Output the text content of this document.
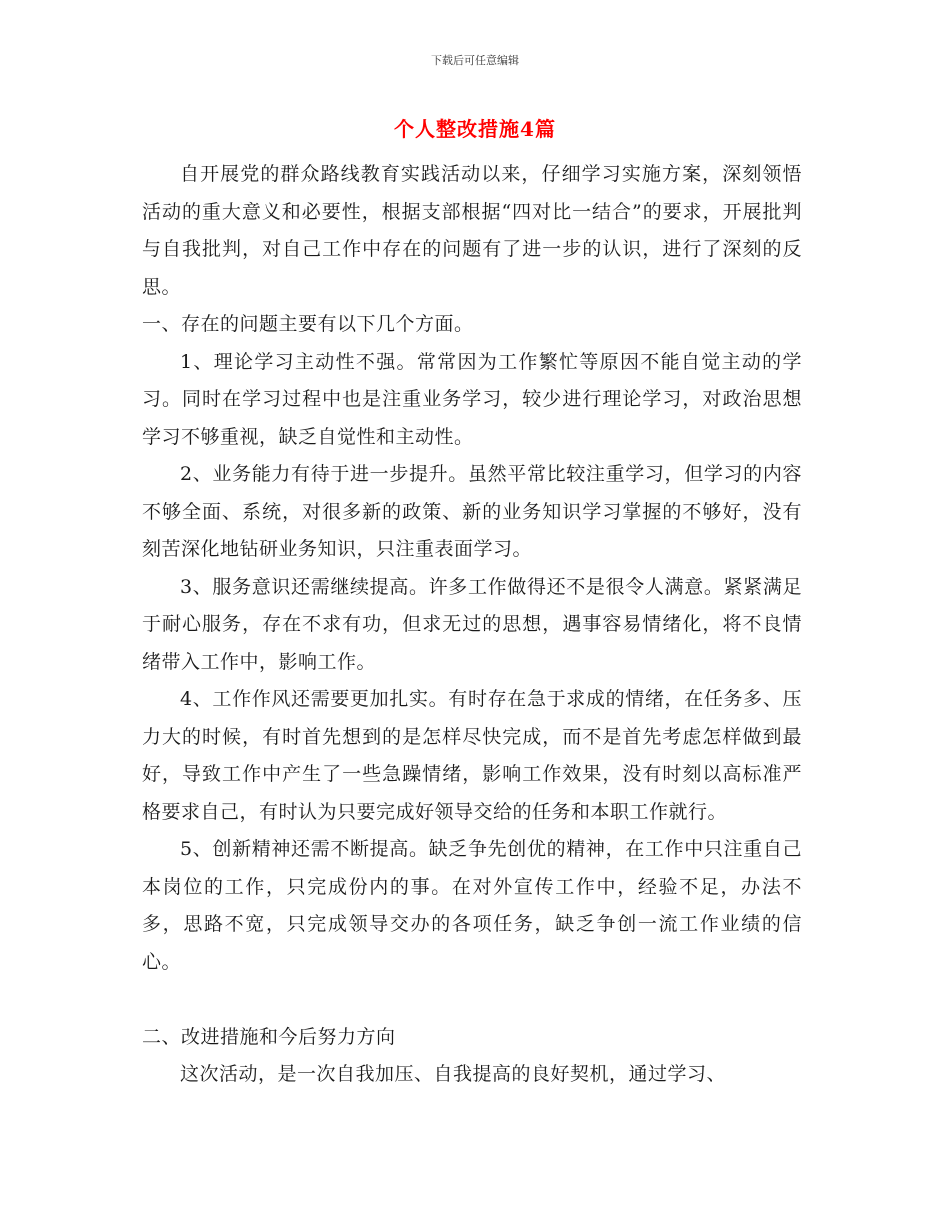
下载后可任意编辑
个人整改措施4篇

自开展党的群众路线教育实践活动以来，仔细学习实施方案，深刻领悟活动的重大意义和必要性，根据支部根据“四对比一结合”的要求，开展批判与自我批判，对自己工作中存在的问题有了进一步的认识，进行了深刻的反思。

一、存在的问题主要有以下几个方面。

1、理论学习主动性不强。常常因为工作繁忙等原因不能自觉主动的学习。同时在学习过程中也是注重业务学习，较少进行理论学习，对政治思想学习不够重视，缺乏自觉性和主动性。

2、业务能力有待于进一步提升。虽然平常比较注重学习，但学习的内容不够全面、系统，对很多新的政策、新的业务知识学习掌握的不够好，没有刻苦深化地钻研业务知识，只注重表面学习。

3、服务意识还需继续提高。许多工作做得还不是很令人满意。紧紧满足于耐心服务，存在不求有功，但求无过的思想，遇事容易情绪化，将不良情绪带入工作中，影响工作。

4、工作作风还需要更加扎实。有时存在急于求成的情绪，在任务多、压力大的时候，有时首先想到的是怎样尽快完成，而不是首先考虑怎样做到最好，导致工作中产生了一些急躁情绪，影响工作效果，没有时刻以高标准严格要求自己，有时认为只要完成好领导交给的任务和本职工作就行。

5、创新精神还需不断提高。缺乏争先创优的精神，在工作中只注重自己本岗位的工作，只完成份内的事。在对外宣传工作中，经验不足，办法不多，思路不宽，只完成领导交办的各项任务，缺乏争创一流工作业绩的信心。

二、改进措施和今后努力方向

这次活动，是一次自我加压、自我提高的良好契机，通过学习、
